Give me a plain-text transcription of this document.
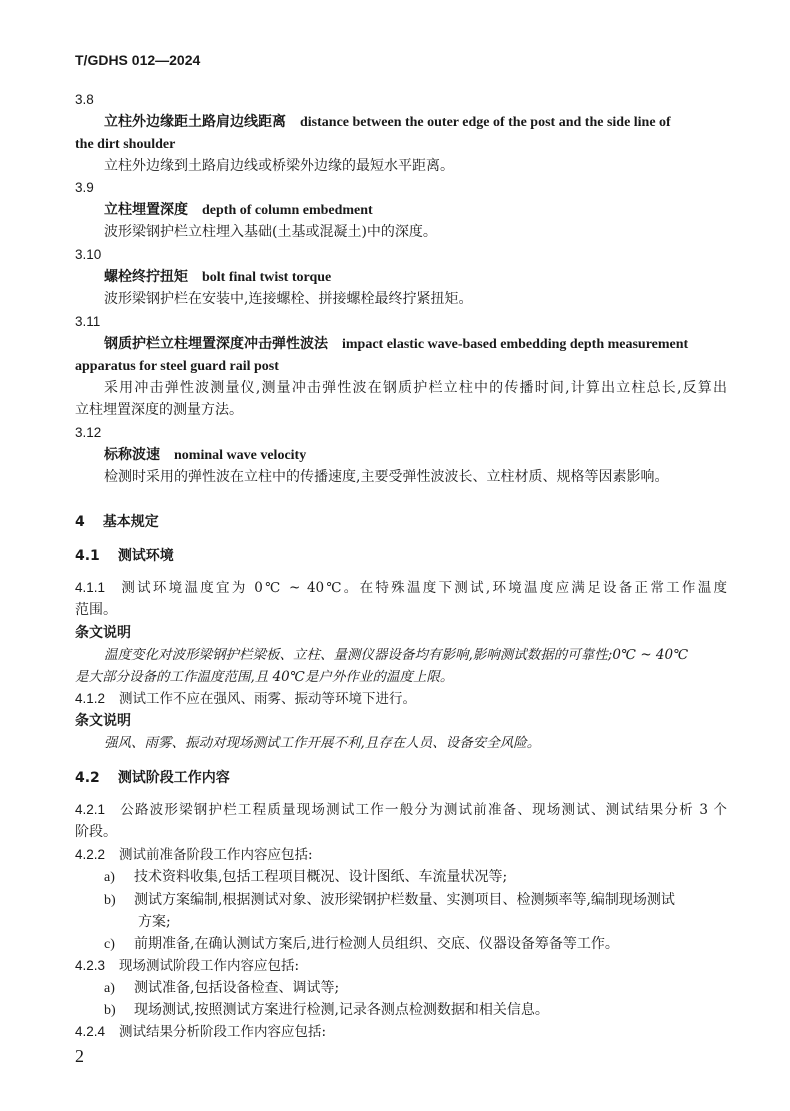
T/GDHS 012—2024
3.8
立柱外边缘距土路肩边线距离 distance between the outer edge of the post and the side line of
the dirt shoulder
立柱外边缘到土路肩边线或桥梁外边缘的最短水平距离。
3.9
立柱埋置深度 depth of column embedment
波形梁钢护栏立柱埋入基础(土基或混凝土)中的深度。
3.10
螺栓终拧扭矩 bolt final twist torque
波形梁钢护栏在安装中,连接螺栓、拼接螺栓最终拧紧扭矩。
3.11
钢质护栏立柱埋置深度冲击弹性波法 impact elastic wave-based embedding depth measurement
apparatus for steel guard rail post
采用冲击弹性波测量仪,测量冲击弹性波在钢质护栏立柱中的传播时间,计算出立柱总长,反算出
立柱埋置深度的测量方法。
3.12
标称波速 nominal wave velocity
检测时采用的弹性波在立柱中的传播速度,主要受弹性波波长、立柱材质、规格等因素影响。
4 基本规定
4.1 测试环境
4.1.1 测试环境温度宜为 0℃ ~ 40℃。在特殊温度下测试,环境温度应满足设备正常工作温度
范围。
条文说明
温度变化对波形梁钢护栏梁板、立柱、量测仪器设备均有影响,影响测试数据的可靠性;0℃ ~ 40℃
是大部分设备的工作温度范围,且 40℃是户外作业的温度上限。
4.1.2 测试工作不应在强风、雨雾、振动等环境下进行。
条文说明
强风、雨雾、振动对现场测试工作开展不利,且存在人员、设备安全风险。
4.2 测试阶段工作内容
4.2.1 公路波形梁钢护栏工程质量现场测试工作一般分为测试前准备、现场测试、测试结果分析 3 个
阶段。
4.2.2 测试前准备阶段工作内容应包括:
a) 技术资料收集,包括工程项目概况、设计图纸、车流量状况等;
b) 测试方案编制,根据测试对象、波形梁钢护栏数量、实测项目、检测频率等,编制现场测试
方案;
c) 前期准备,在确认测试方案后,进行检测人员组织、交底、仪器设备筹备等工作。
4.2.3 现场测试阶段工作内容应包括:
a) 测试准备,包括设备检查、调试等;
b) 现场测试,按照测试方案进行检测,记录各测点检测数据和相关信息。
4.2.4 测试结果分析阶段工作内容应包括:
2
